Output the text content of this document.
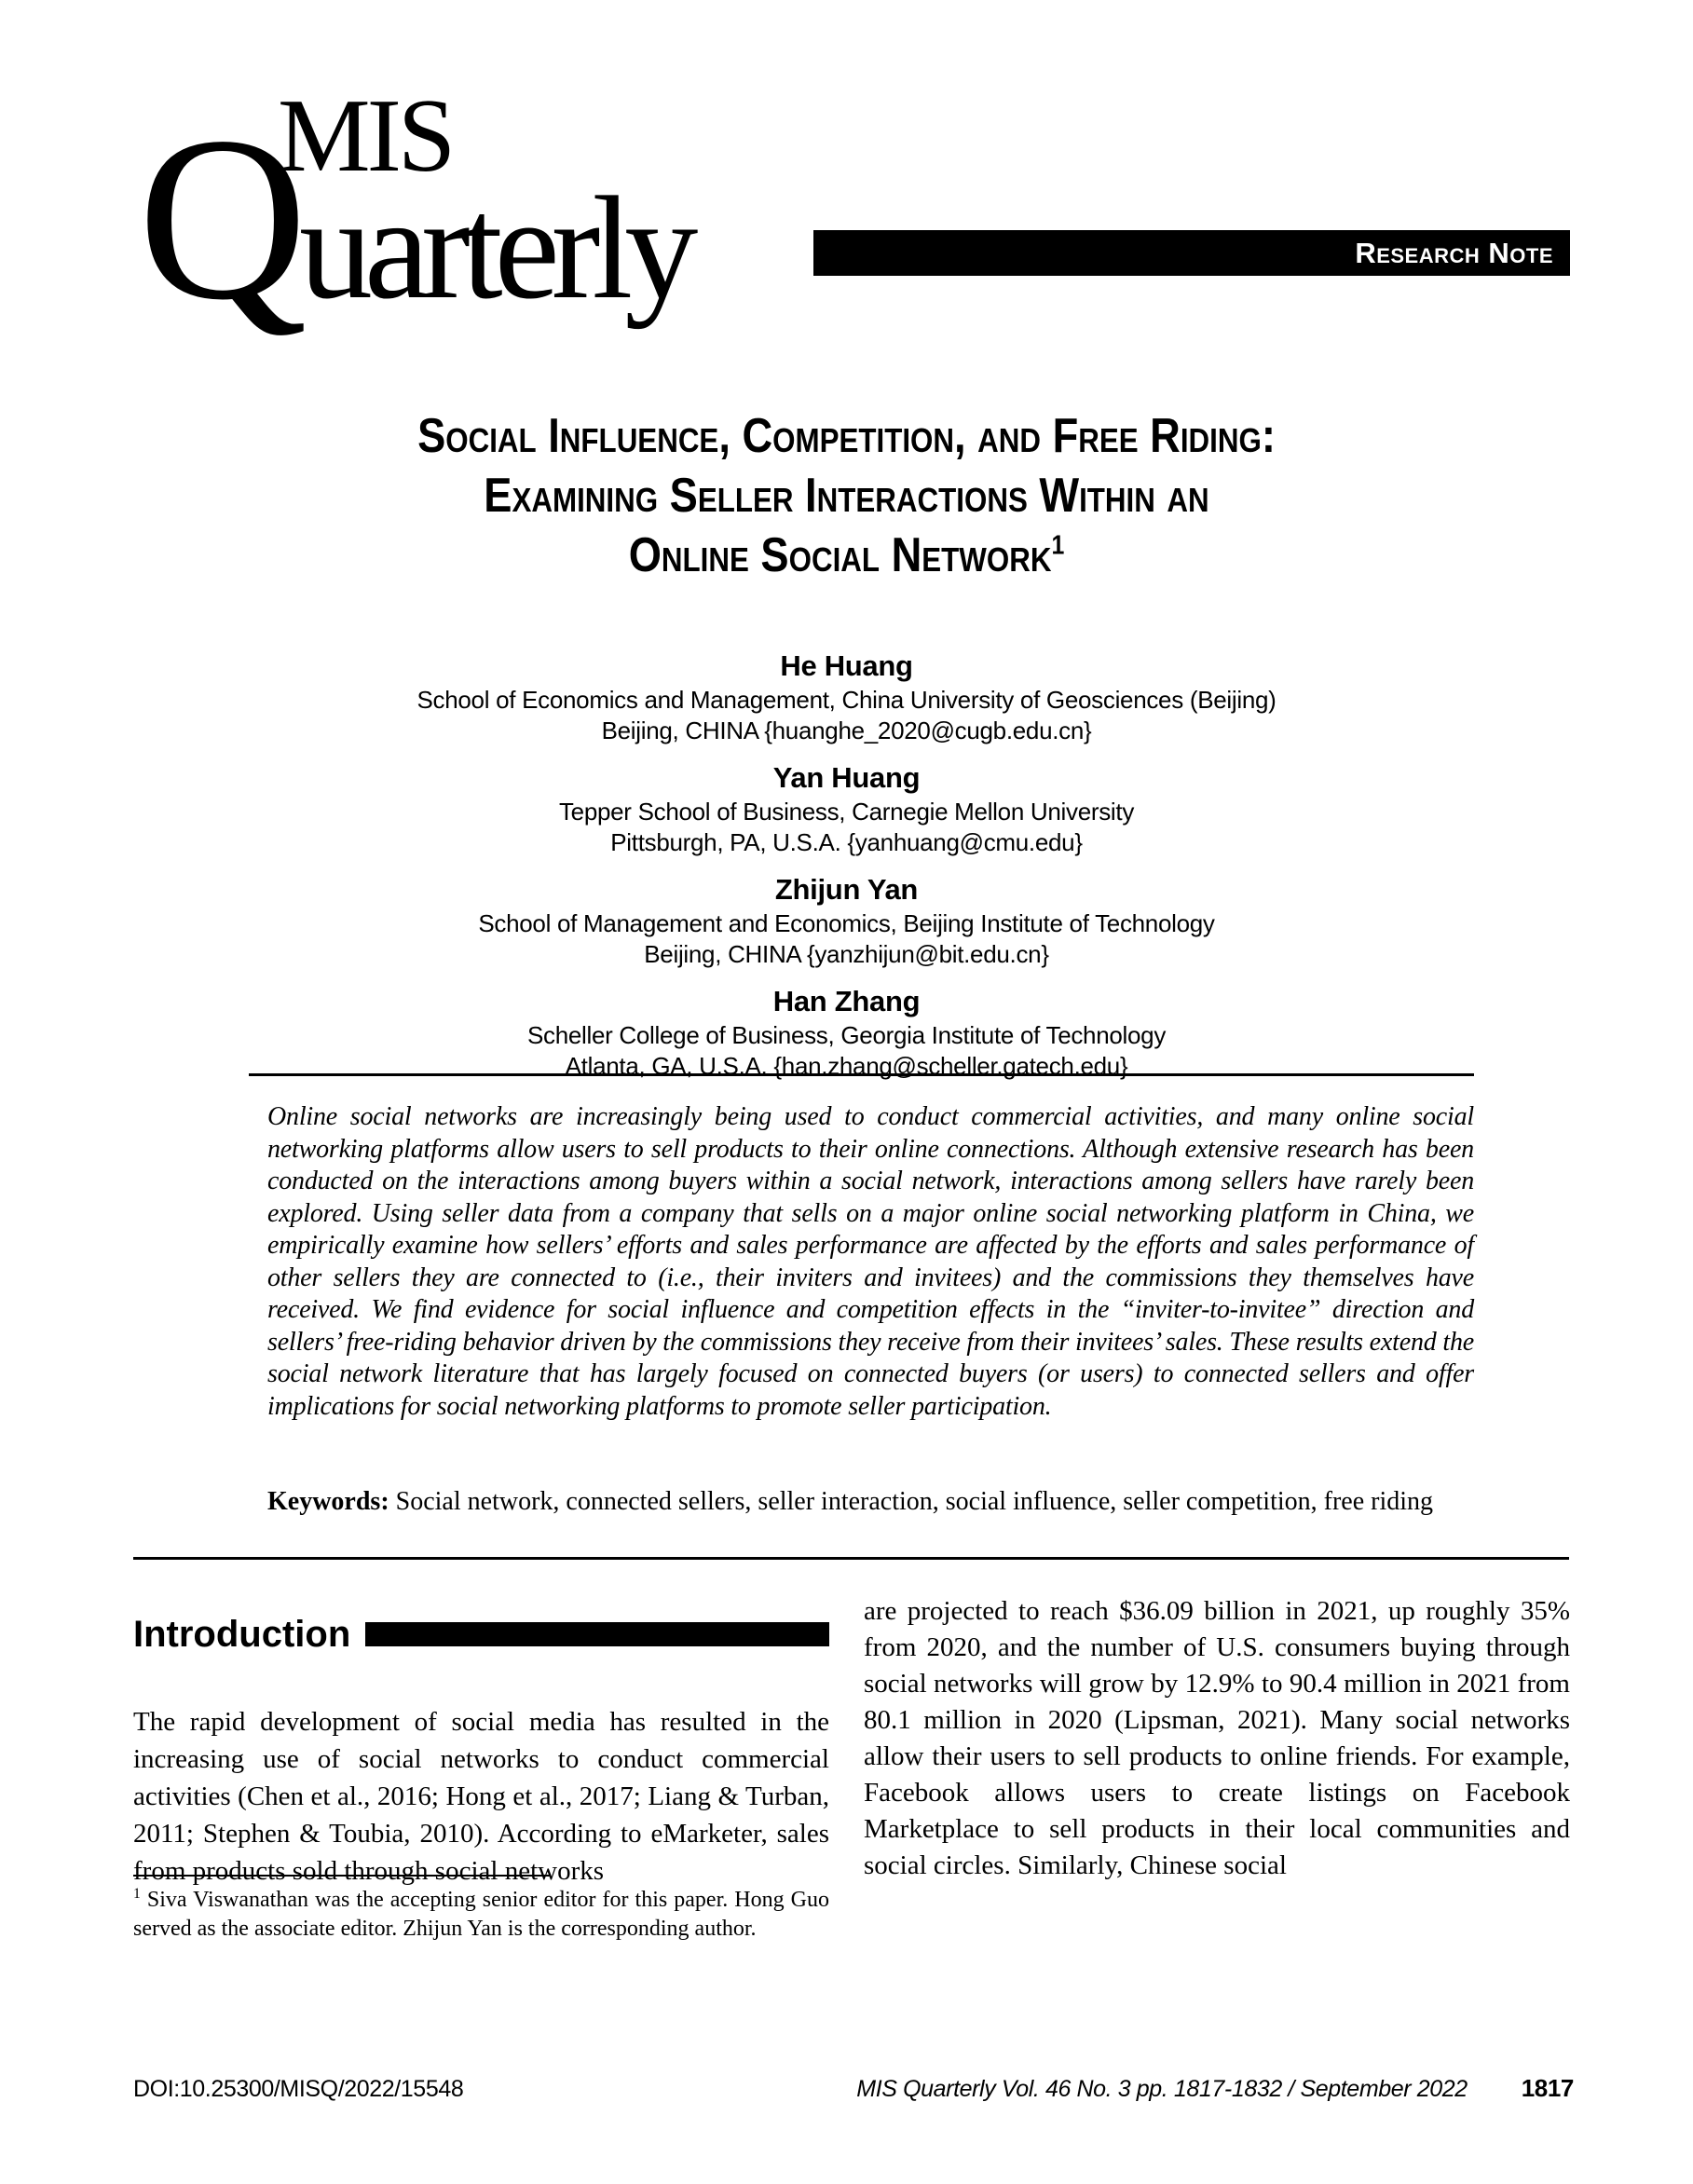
MIS
Quarterly	Research Note
Social Influence, Competition, and Free Riding:
Examining Seller Interactions Within an
Online Social Network$^1$
He Huang
School of Economics and Management, China University of Geosciences (Beijing)
Beijing, CHINA {huanghe_2020@cugb.edu.cn}
Yan Huang
Tepper School of Business, Carnegie Mellon University
Pittsburgh, PA, U.S.A. {yanhuang@cmu.edu}
Zhijun Yan
School of Management and Economics, Beijing Institute of Technology
Beijing, CHINA {yanzhijun@bit.edu.cn}
Han Zhang
Scheller College of Business, Georgia Institute of Technology
Atlanta, GA, U.S.A. {han.zhang@scheller.gatech.edu}

Online social networks are increasingly being used to conduct commercial activities, and many online social networking platforms allow users to sell products to their online connections. Although extensive research has been conducted on the interactions among buyers within a social network, interactions among sellers have rarely been explored. Using seller data from a company that sells on a major online social networking platform in China, we empirically examine how sellers’ efforts and sales performance are affected by the efforts and sales performance of other sellers they are connected to (i.e., their inviters and invitees) and the commissions they themselves have received. We find evidence for social influence and competition effects in the “inviter-to-invitee” direction and sellers’ free-riding behavior driven by the commissions they receive from their invitees’ sales. These results extend the social network literature that has largely focused on connected buyers (or users) to connected sellers and offer implications for social networking platforms to promote seller participation.

Keywords: Social network, connected sellers, seller interaction, social influence, seller competition, free riding

Introduction

The rapid development of social media has resulted in the increasing use of social networks to conduct commercial activities (Chen et al., 2016; Hong et al., 2017; Liang & Turban, 2011; Stephen & Toubia, 2010). According to eMarketer, sales from products sold through social networks

$^1$ Siva Viswanathan was the accepting senior editor for this paper. Hong Guo served as the associate editor. Zhijun Yan is the corresponding author.

are projected to reach $36.09 billion in 2021, up roughly 35% from 2020, and the number of U.S. consumers buying through social networks will grow by 12.9% to 90.4 million in 2021 from 80.1 million in 2020 (Lipsman, 2021). Many social networks allow their users to sell products to online friends. For example, Facebook allows users to create listings on Facebook Marketplace to sell products in their local communities and social circles. Similarly, Chinese social

DOI:10.25300/MISQ/2022/15548	MIS Quarterly Vol. 46 No. 3 pp. 1817-1832 / September 2022 1817
